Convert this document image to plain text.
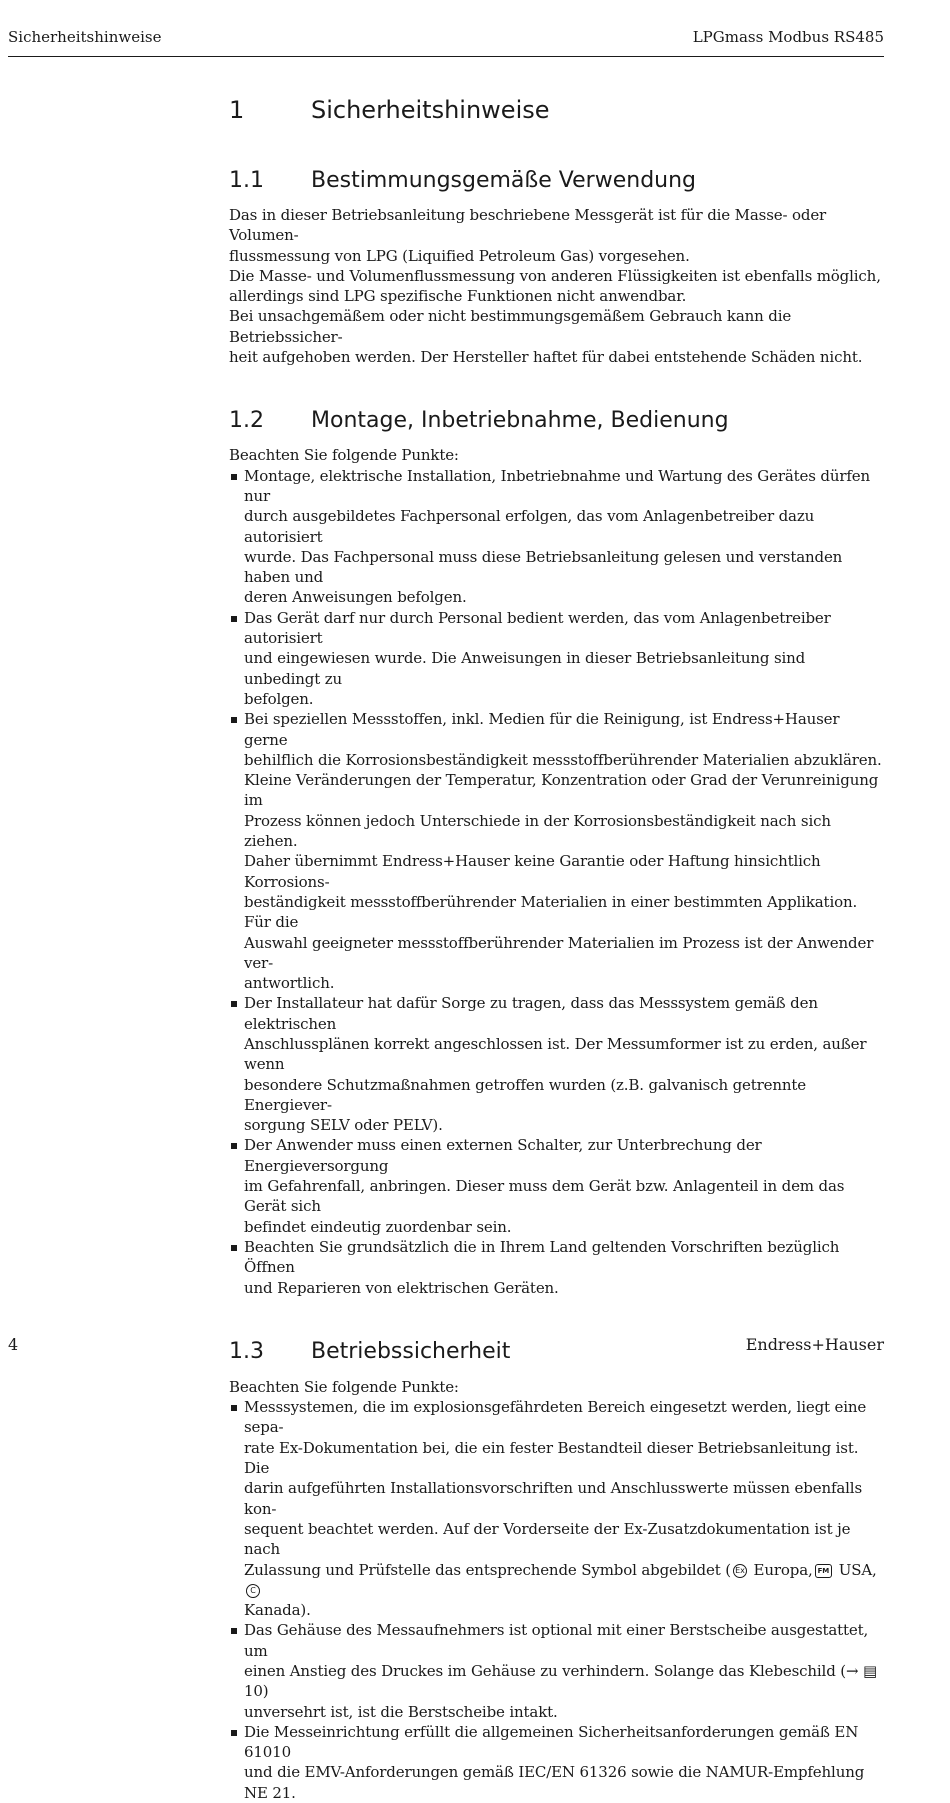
Sicherheitshinweise	LPGmass Modbus RS485
1	Sicherheitshinweise
1.1	Bestimmungsgemäße Verwendung

Das in dieser Betriebsanleitung beschriebene Messgerät ist für die Masse- oder Volumen-

flussmessung von LPG (Liquified Petroleum Gas) vorgesehen.

Die Masse- und Volumenflussmessung von anderen Flüssigkeiten ist ebenfalls möglich,

allerdings sind LPG spezifische Funktionen nicht anwendbar.

Bei unsachgemäßem oder nicht bestimmungsgemäßem Gebrauch kann die Betriebssicher-

heit aufgehoben werden. Der Hersteller haftet für dabei entstehende Schäden nicht.

1.2	Montage, Inbetriebnahme, Bedienung

Beachten Sie folgende Punkte:

Montage, elektrische Installation, Inbetriebnahme und Wartung des Gerätes dürfen nur
durch ausgebildetes Fachpersonal erfolgen, das vom Anlagenbetreiber dazu autorisiert
wurde. Das Fachpersonal muss diese Betriebsanleitung gelesen und verstanden haben und
deren Anweisungen befolgen.
Das Gerät darf nur durch Personal bedient werden, das vom Anlagenbetreiber autorisiert
und eingewiesen wurde. Die Anweisungen in dieser Betriebsanleitung sind unbedingt zu
befolgen.
Bei speziellen Messstoffen, inkl. Medien für die Reinigung, ist Endress+Hauser gerne
behilflich die Korrosionsbeständigkeit messstoffberührender Materialien abzuklären.
Kleine Veränderungen der Temperatur, Konzentration oder Grad der Verunreinigung im
Prozess können jedoch Unterschiede in der Korrosionsbeständigkeit nach sich ziehen.
Daher übernimmt Endress+Hauser keine Garantie oder Haftung hinsichtlich Korrosions-
beständigkeit messstoffberührender Materialien in einer bestimmten Applikation. Für die
Auswahl geeigneter messstoffberührender Materialien im Prozess ist der Anwender ver-
antwortlich.
Der Installateur hat dafür Sorge zu tragen, dass das Messsystem gemäß den elektrischen
Anschlussplänen korrekt angeschlossen ist. Der Messumformer ist zu erden, außer wenn
besondere Schutzmaßnahmen getroffen wurden (z.B. galvanisch getrennte Energiever-
sorgung SELV oder PELV).
Der Anwender muss einen externen Schalter, zur Unterbrechung der Energieversorgung
im Gefahrenfall, anbringen. Dieser muss dem Gerät bzw. Anlagenteil in dem das Gerät sich
befindet eindeutig zuordenbar sein.
Beachten Sie grundsätzlich die in Ihrem Land geltenden Vorschriften bezüglich Öffnen
und Reparieren von elektrischen Geräten.
1.3	Betriebssicherheit

Beachten Sie folgende Punkte:

Messsystemen, die im explosionsgefährdeten Bereich eingesetzt werden, liegt eine sepa-
rate Ex-Dokumentation bei, die ein fester Bestandteil dieser Betriebsanleitung ist. Die
darin aufgeführten Installationsvorschriften und Anschlusswerte müssen ebenfalls kon-
sequent beachtet werden. Auf der Vorderseite der Ex-Zusatzdokumentation ist je nach
Zulassung und Prüfstelle das entsprechende Symbol abgebildet ( Ex Europa, FM USA,C
Kanada).
Das Gehäuse des Messaufnehmers ist optional mit einer Berstscheibe ausgestattet, um
einen Anstieg des Druckes im Gehäuse zu verhindern. Solange das Klebeschild (→ ▤ 10)
unversehrt ist, ist die Berstscheibe intakt.
Die Messeinrichtung erfüllt die allgemeinen Sicherheitsanforderungen gemäß EN 61010
und die EMV-Anforderungen gemäß IEC/EN 61326 sowie die NAMUR-Empfehlung
NE 21.
4	Endress+Hauser
